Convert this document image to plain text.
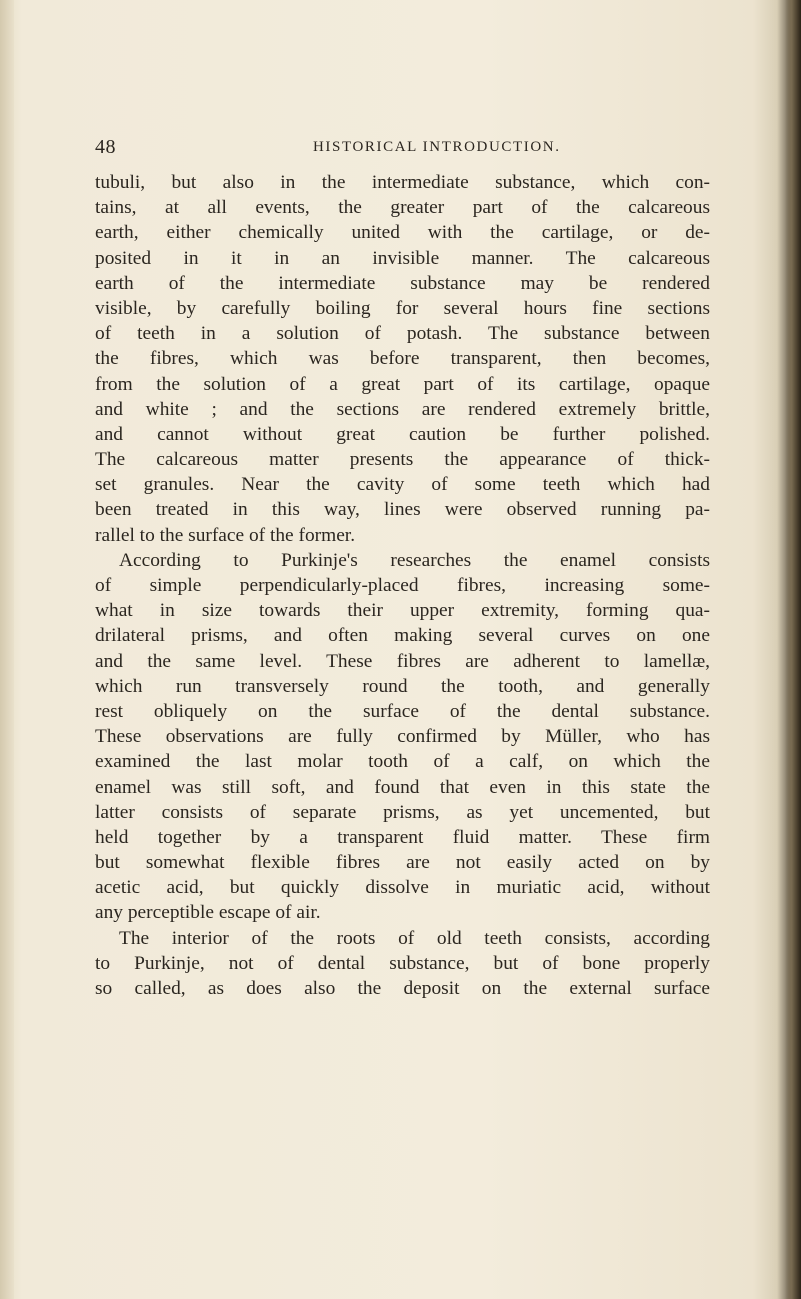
48	HISTORICAL INTRODUCTION.
tubuli, but also in the intermediate substance, which con-
tains, at all events, the greater part of the calcareous
earth, either chemically united with the cartilage, or de-
posited in it in an invisible manner. The calcareous
earth of the intermediate substance may be rendered
visible, by carefully boiling for several hours fine sections
of teeth in a solution of potash. The substance between
the fibres, which was before transparent, then becomes,
from the solution of a great part of its cartilage, opaque
and white ; and the sections are rendered extremely brittle,
and cannot without great caution be further polished.
The calcareous matter presents the appearance of thick-
set granules. Near the cavity of some teeth which had
been treated in this way, lines were observed running pa-
rallel to the surface of the former.
According to Purkinje's researches the enamel consists
of simple perpendicularly-placed fibres, increasing some-
what in size towards their upper extremity, forming qua-
drilateral prisms, and often making several curves on one
and the same level. These fibres are adherent to lamellæ,
which run transversely round the tooth, and generally
rest obliquely on the surface of the dental substance.
These observations are fully confirmed by Müller, who has
examined the last molar tooth of a calf, on which the
enamel was still soft, and found that even in this state the
latter consists of separate prisms, as yet uncemented, but
held together by a transparent fluid matter. These firm
but somewhat flexible fibres are not easily acted on by
acetic acid, but quickly dissolve in muriatic acid, without
any perceptible escape of air.
The interior of the roots of old teeth consists, according
to Purkinje, not of dental substance, but of bone properly
so called, as does also the deposit on the external surface
